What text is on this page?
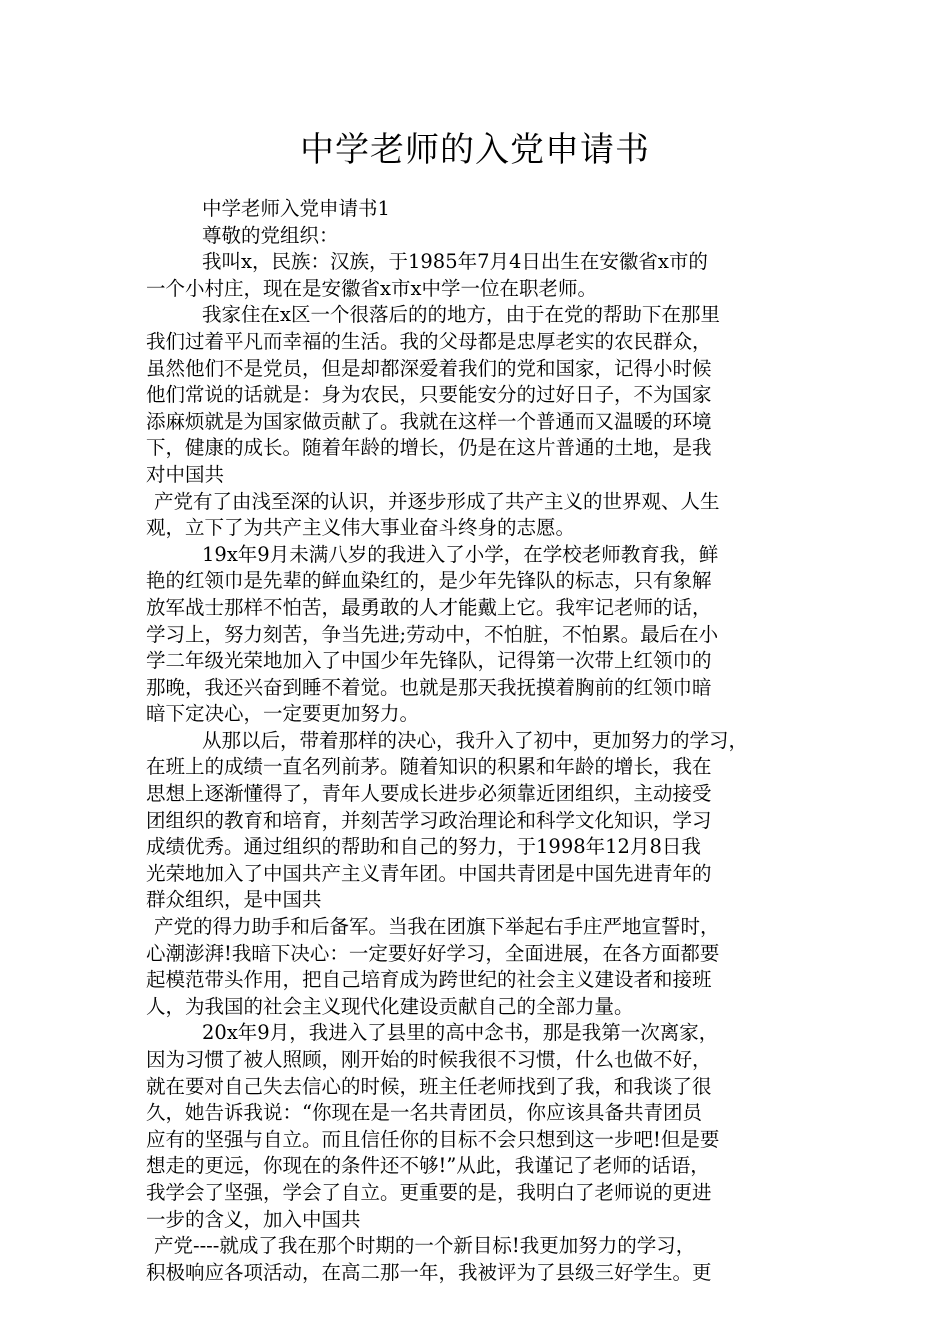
中学老师的入党申请书
中学老师入党申请书1
尊敬的党组织：
我叫x，民族：汉族，于1985年7月4日出生在安徽省x市的
一个小村庄，现在是安徽省x市x中学一位在职老师。
我家住在x区一个很落后的的地方，由于在党的帮助下在那里
我们过着平凡而幸福的生活。我的父母都是忠厚老实的农民群众，
虽然他们不是党员，但是却都深爱着我们的党和国家，记得小时候
他们常说的话就是：身为农民，只要能安分的过好日子，不为国家
添麻烦就是为国家做贡献了。我就在这样一个普通而又温暖的环境
下，健康的成长。随着年龄的增长，仍是在这片普通的土地，是我
对中国共
产党有了由浅至深的认识，并逐步形成了共产主义的世界观、人生
观，立下了为共产主义伟大事业奋斗终身的志愿。
19x年9月未满八岁的我进入了小学，在学校老师教育我，鲜
艳的红领巾是先辈的鲜血染红的，是少年先锋队的标志，只有象解
放军战士那样不怕苦，最勇敢的人才能戴上它。我牢记老师的话，
学习上，努力刻苦，争当先进;劳动中，不怕脏，不怕累。最后在小
学二年级光荣地加入了中国少年先锋队，记得第一次带上红领巾的
那晚，我还兴奋到睡不着觉。也就是那天我抚摸着胸前的红领巾暗
暗下定决心，一定要更加努力。
从那以后，带着那样的决心，我升入了初中，更加努力的学习，
在班上的成绩一直名列前茅。随着知识的积累和年龄的增长，我在
思想上逐渐懂得了，青年人要成长进步必须靠近团组织，主动接受
团组织的教育和培育，并刻苦学习政治理论和科学文化知识，学习
成绩优秀。通过组织的帮助和自己的努力，于1998年12月8日我
光荣地加入了中国共产主义青年团。中国共青团是中国先进青年的
群众组织，是中国共
产党的得力助手和后备军。当我在团旗下举起右手庄严地宣誓时，
心潮澎湃!我暗下决心：一定要好好学习，全面进展，在各方面都要
起模范带头作用，把自己培育成为跨世纪的社会主义建设者和接班
人，为我国的社会主义现代化建设贡献自己的全部力量。
20x年9月，我进入了县里的高中念书，那是我第一次离家，
因为习惯了被人照顾，刚开始的时候我很不习惯，什么也做不好，
就在要对自己失去信心的时候，班主任老师找到了我，和我谈了很
久，她告诉我说：“你现在是一名共青团员，你应该具备共青团员
应有的坚强与自立。而且信任你的目标不会只想到这一步吧!但是要
想走的更远，你现在的条件还不够!”从此，我谨记了老师的话语，
我学会了坚强，学会了自立。更重要的是，我明白了老师说的更进
一步的含义，加入中国共
产党----就成了我在那个时期的一个新目标!我更加努力的学习，
积极响应各项活动，在高二那一年，我被评为了县级三好学生。更
